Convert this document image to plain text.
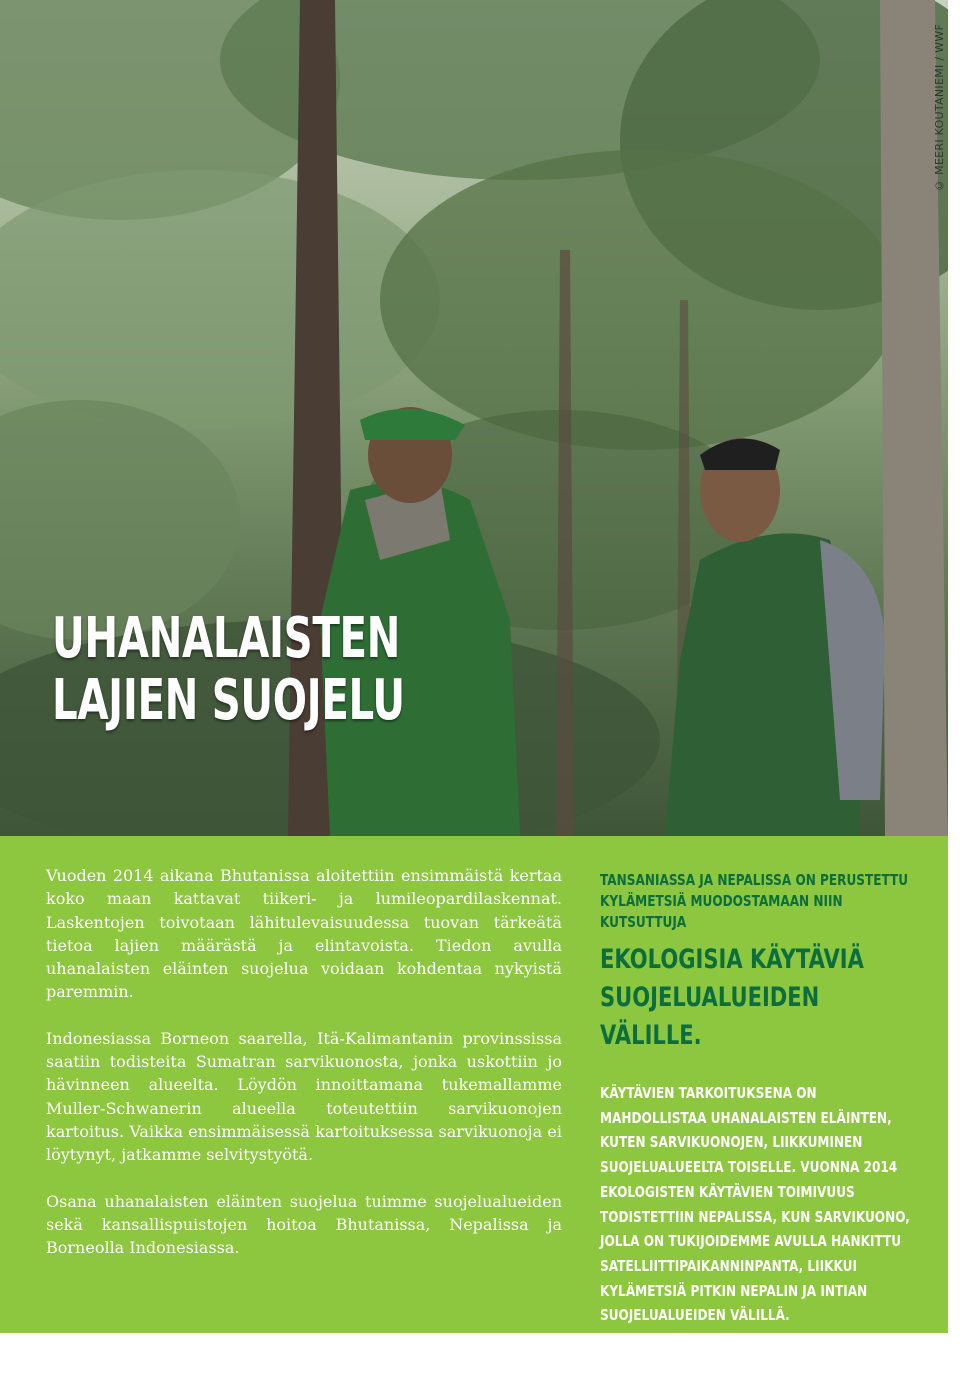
© MEERI KOUTANIEMI / WWF
UHANALAISTEN
LAJIEN SUOJELU

Vuoden 2014 aikana Bhutanissa aloitettiin ensimmäistä kertaa koko maan kattavat tiikeri- ja lumileopardilaskennat. Laskentojen toivotaan lähitulevaisuudessa tuovan tärkeätä tietoa lajien määrästä ja elintavoista. Tiedon avulla uhanalaisten eläinten suojelua voidaan kohdentaa nykyistä paremmin.

Indonesiassa Borneon saarella, Itä-Kalimantanin provinssissa saatiin todisteita Sumatran sarvikuonosta, jonka uskottiin jo hävinneen alueelta. Löydön innoittamana tukemallamme Muller-Schwanerin alueella toteutettiin sarvikuonojen kartoitus. Vaikka ensimmäisessä kartoituksessa sarvikuonoja ei löytynyt, jatkamme selvitystyötä.

Osana uhanalaisten eläinten suojelua tuimme suojelualueiden sekä kansallispuistojen hoitoa Bhutanissa, Nepalissa ja Borneolla Indonesiassa.

TANSANIASSA JA NEPALISSA ON PERUSTETTU KYLÄMETSIÄ MUODOSTAMAAN NIIN KUTSUTTUJA
EKOLOGISIA KÄYTÄVIÄ SUOJELUALUEIDEN VÄLILLE.
KÄYTÄVIEN TARKOITUKSENA ON MAHDOLLISTAA UHANALAISTEN ELÄINTEN, KUTEN SARVIKUONOJEN, LIIKKUMINEN SUOJELUALUEELTA TOISELLE. VUONNA 2014 EKOLOGISTEN KÄYTÄVIEN TOIMIVUUS TODISTETTIIN NEPALISSA, KUN SARVIKUONO, JOLLA ON TUKIJOIDEMME AVULLA HANKITTU SATELLIITTIPAIKANNINPANTA, LIIKKUI KYLÄMETSIÄ PITKIN NEPALIN JA INTIAN SUOJELUALUEIDEN VÄLILLÄ.
